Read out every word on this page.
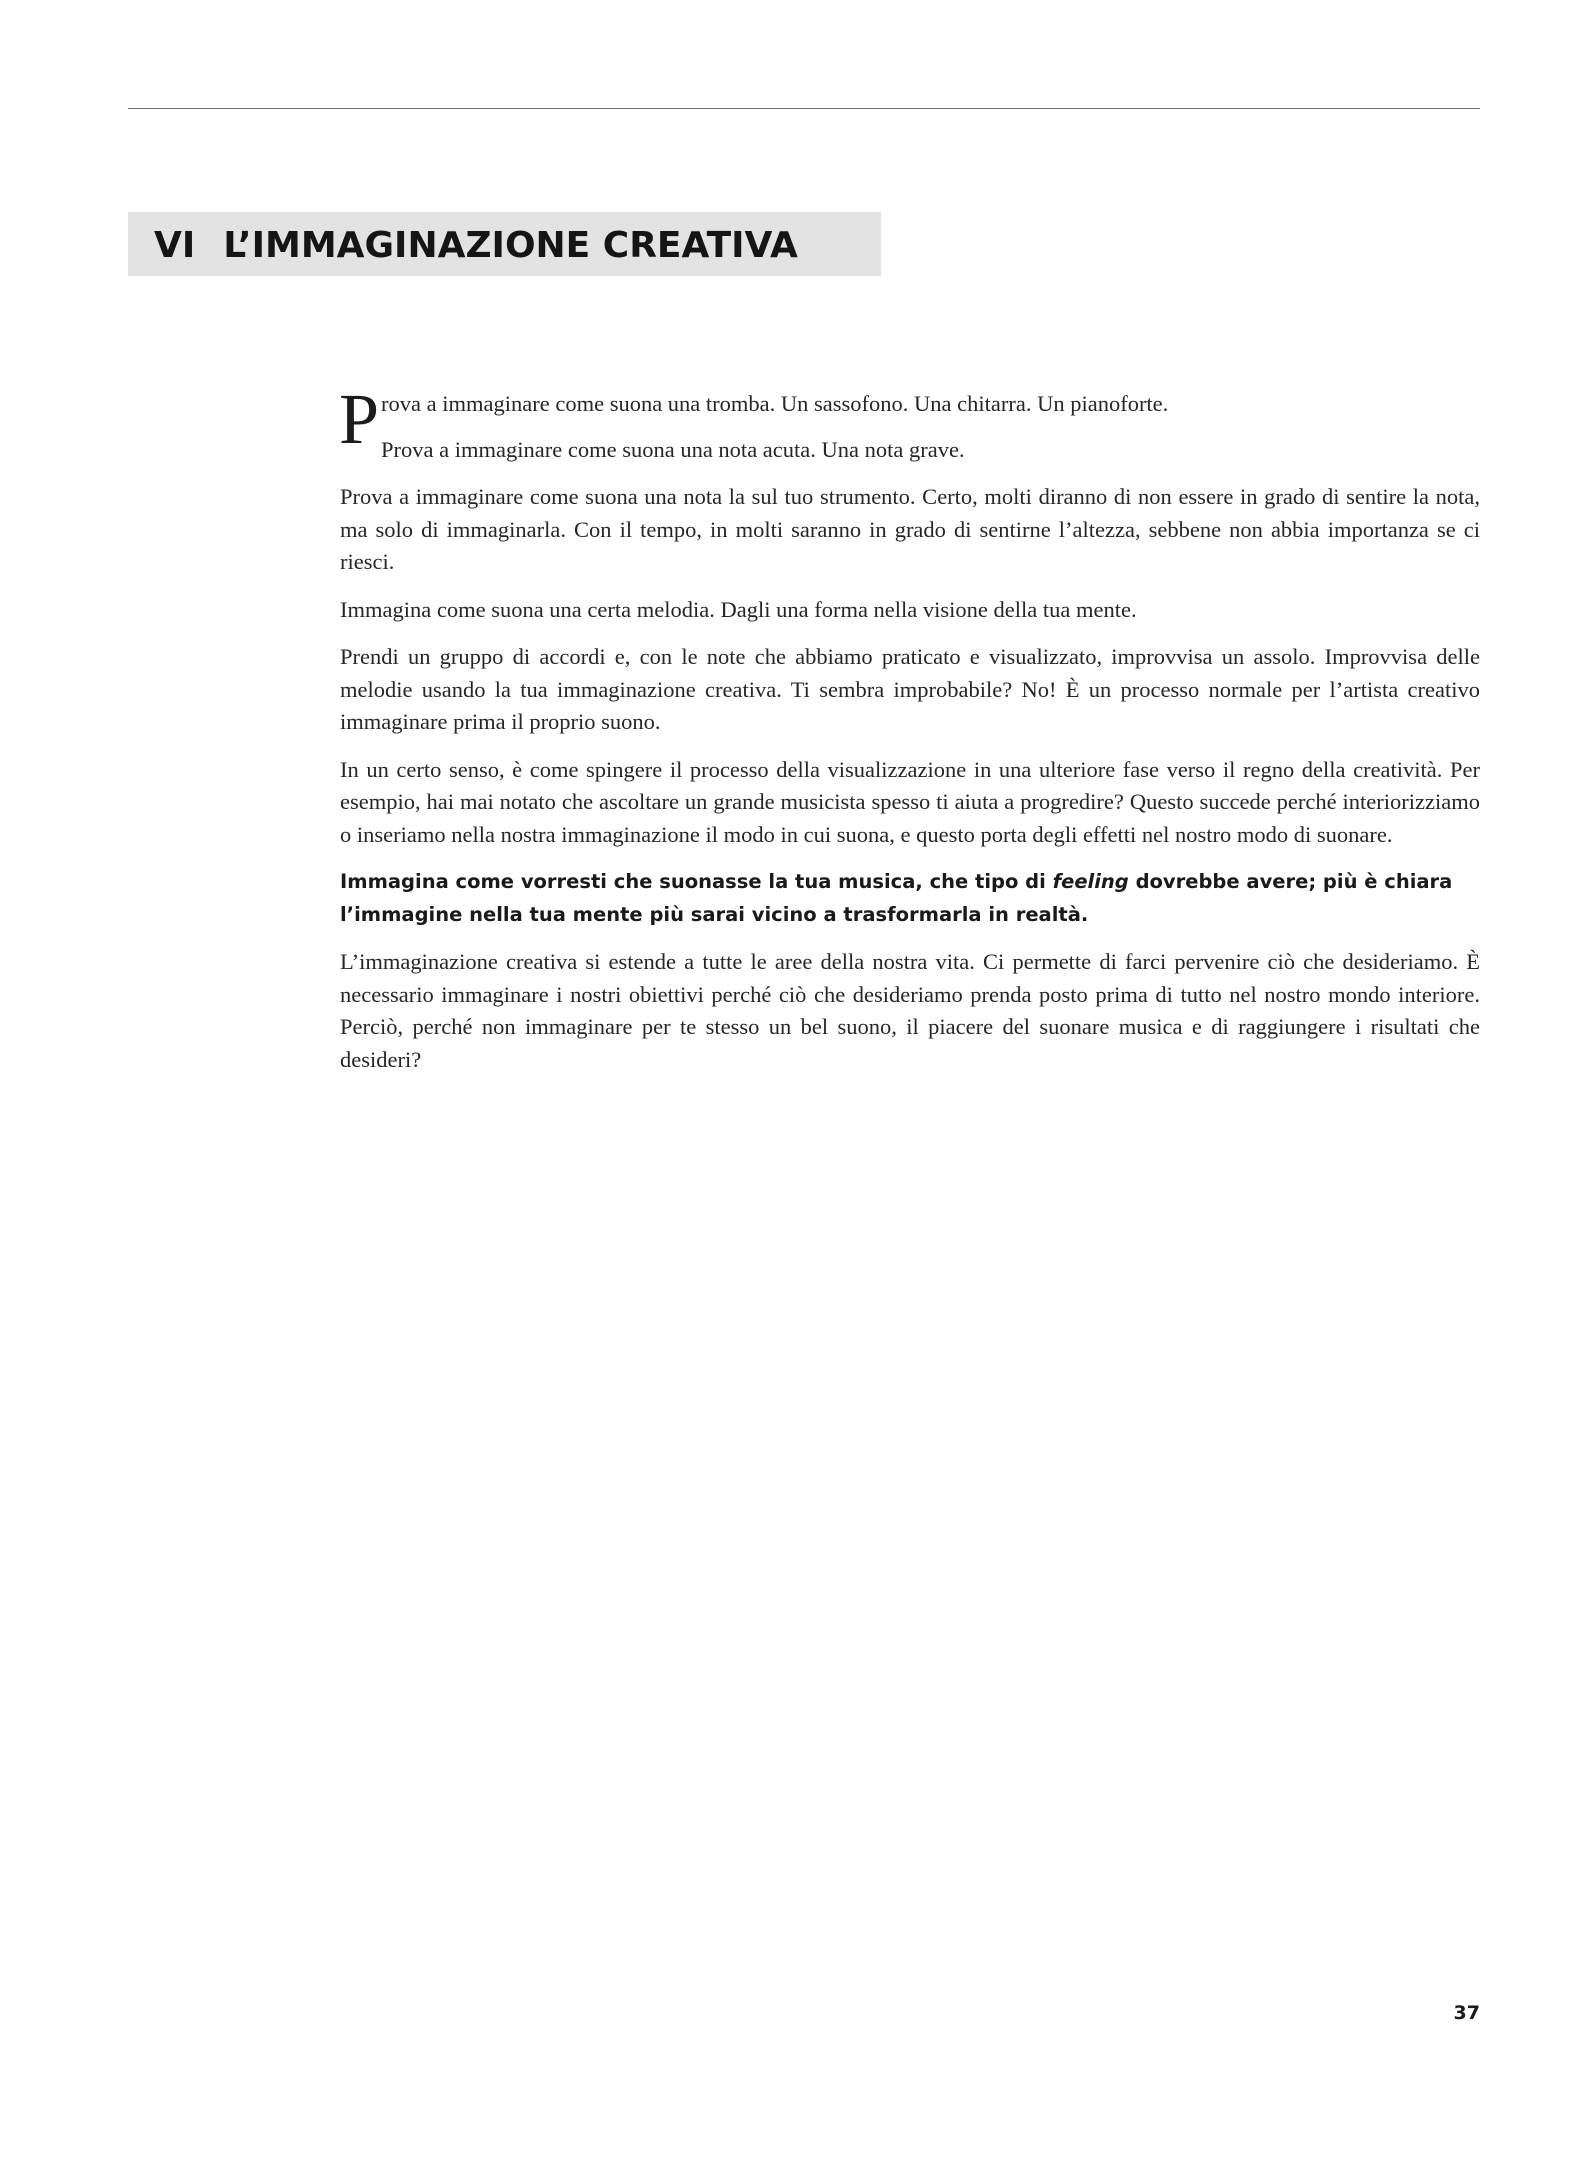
VI L’IMMAGINAZIONE CREATIVA

Prova a immaginare come suona una tromba. Un sassofono. Una chitarra. Un pianoforte.

Prova a immaginare come suona una nota acuta. Una nota grave.

Prova a immaginare come suona una nota la sul tuo strumento. Certo, molti diranno di non essere in grado di sentire la nota, ma solo di immaginarla. Con il tempo, in molti saranno in grado di sentirne l’altezza, sebbene non abbia importanza se ci riesci.

Immagina come suona una certa melodia. Dagli una forma nella visione della tua mente.

Prendi un gruppo di accordi e, con le note che abbiamo praticato e visualizzato, improvvisa un assolo. Improvvisa delle melodie usando la tua immaginazione creativa. Ti sembra improbabile? No! È un processo normale per l’artista creativo immaginare prima il proprio suono.

In un certo senso, è come spingere il processo della visualizzazione in una ulteriore fase verso il regno della creatività. Per esempio, hai mai notato che ascoltare un grande musicista spesso ti aiuta a progredire? Questo succede perché interiorizziamo o inseriamo nella nostra immaginazione il modo in cui suona, e questo porta degli effetti nel nostro modo di suonare.

Immagina come vorresti che suonasse la tua musica, che tipo di feeling dovrebbe avere; più è chiara l’immagine nella tua mente più sarai vicino a trasformarla in realtà.

L’immaginazione creativa si estende a tutte le aree della nostra vita. Ci permette di farci pervenire ciò che desideriamo. È necessario immaginare i nostri obiettivi perché ciò che desideriamo prenda posto prima di tutto nel nostro mondo interiore. Perciò, perché non immaginare per te stesso un bel suono, il piacere del suonare musica e di raggiungere i risultati che desideri?

37
